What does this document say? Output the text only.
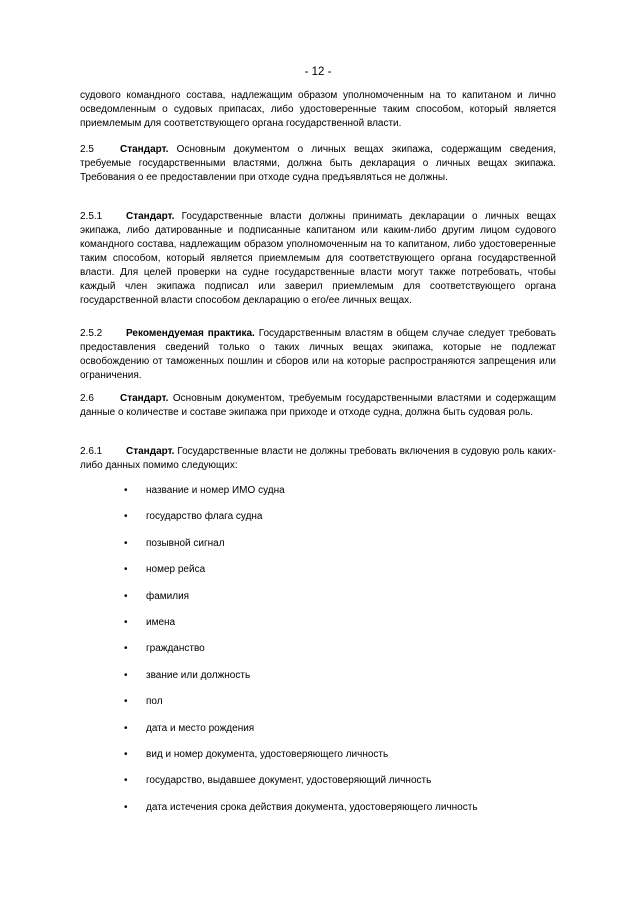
- 12 -

судового командного состава, надлежащим образом уполномоченным на то капитаном и лично осведомленным о судовых припасах, либо удостоверенные таким способом, который является приемлемым для соответствующего органа государственной власти.

2.5	Стандарт. Основным документом о личных вещах экипажа, содержащим сведения, требуемые государственными властями, должна быть декларация о личных вещах экипажа. Требования о ее предоставлении при отходе судна предъявляться не должны.

2.5.1 Стандарт. Государственные власти должны принимать декларации о личных вещах экипажа, либо датированные и подписанные капитаном или каким-либо другим лицом судового командного состава, надлежащим образом уполномоченным на то капитаном, либо удостоверенные таким способом, который является приемлемым для соответствующего органа государственной власти. Для целей проверки на судне государственные власти могут также потребовать, чтобы каждый член экипажа подписал или заверил приемлемым для соответствующего органа государственной власти способом декларацию о его/ее личных вещах.

2.5.2 Рекомендуемая практика. Государственным властям в общем случае следует требовать предоставления сведений только о таких личных вещах экипажа, которые не подлежат освобождению от таможенных пошлин и сборов или на которые распространяются запрещения или ограничения.

2.6	Стандарт. Основным документом, требуемым государственными властями и содержащим данные о количестве и составе экипажа при приходе и отходе судна, должна быть судовая роль.

2.6.1 Стандарт. Государственные власти не должны требовать включения в судовую роль каких-либо данных помимо следующих:

• название и номер ИМО судна
• государство флага судна
• позывной сигнал
• номер рейса
• фамилия
• имена
• гражданство
• звание или должность
• пол
• дата и место рождения
• вид и номер документа, удостоверяющего личность
• государство, выдавшее документ, удостоверяющий личность
• дата истечения срока действия документа, удостоверяющего личность
